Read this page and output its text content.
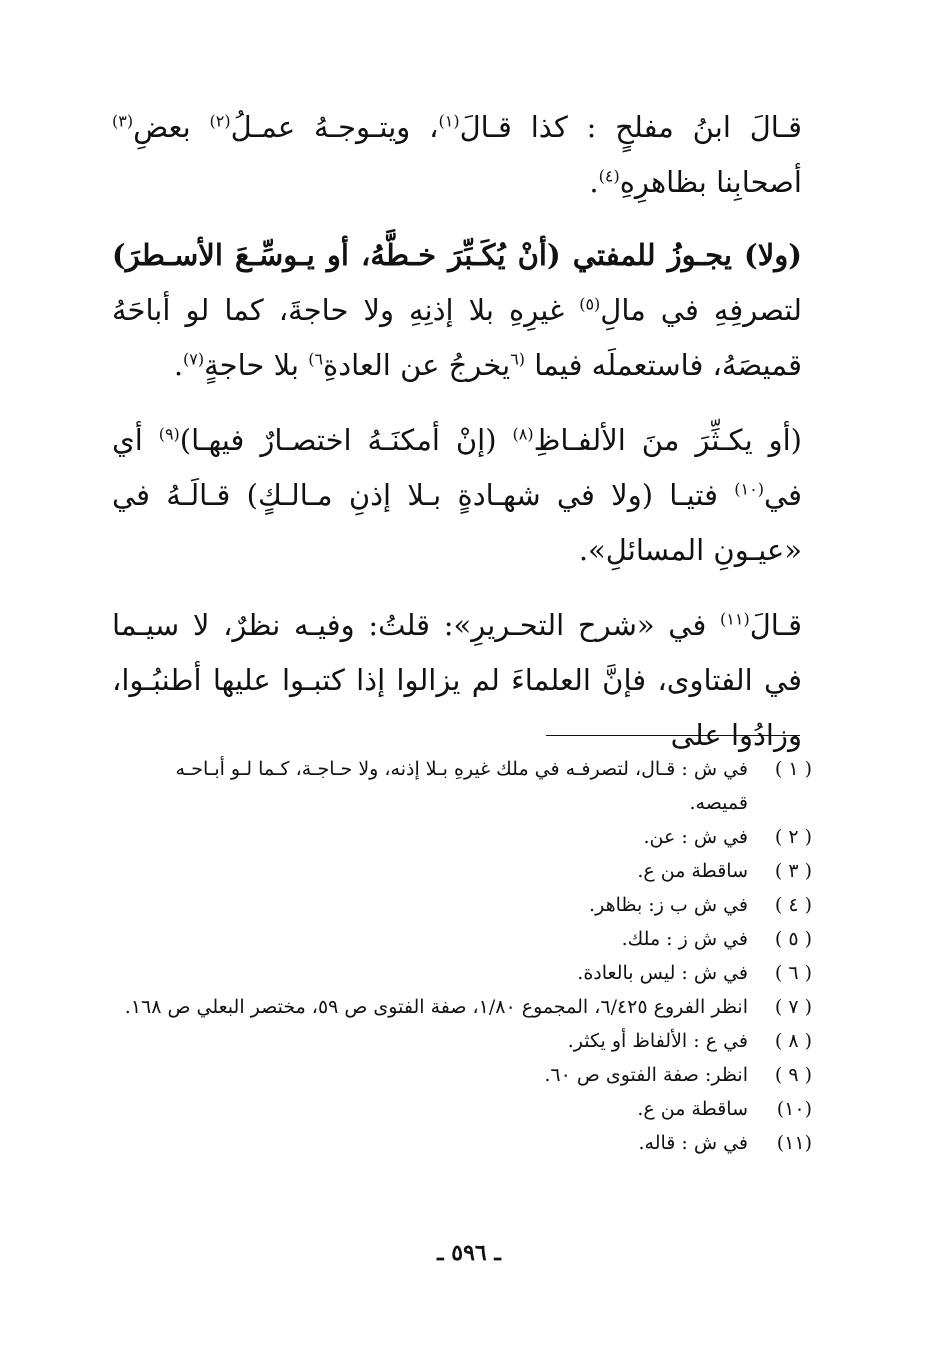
قـالَ ابنُ مفلحٍ : كذا قـالَ$^{(١)}$، ويتـوجـهُ عمـلُ$^{(٢)}$ بعضِ$^{(٣)}$ أصحابِنا بظاهرِهِ$^{(٤)}$.

(ولا) يجـوزُ للمفتي (أنْ يُكَـبِّرَ خـطَّهُ، أو يـوسِّـعَ الأسـطرَ) لتصرفِهِ في مالِ$^{(٥)}$ غيرِهِ بلا إذنِهِ ولا حاجةَ، كما لو أباحَهُ قميصَهُ، فاستعملَه فيما $^{(٦}$يخرجُ عن العادةِ$^{٦)}$ بلا حاجةٍ$^{(٧)}$.

(أو يكـثِّرَ منَ الألفـاظِ$^{(٨)}$ (إنْ أمكنَـهُ اختصـارٌ فيهـا)$^{(٩)}$ أي في$^{(١٠)}$ فتيـا (ولا في شهـادةٍ بـلا إذنِ مـالـكٍ) قـالَـهُ في «عيـونِ المسائلِ».

قـالَ$^{(١١)}$ في «شرح التحـريرِ»: قلتُ: وفيـه نظرٌ، لا سيـما في الفتاوى، فإنَّ العلماءَ لم يزالوا إذا كتبـوا عليها أطنبُـوا، وزادُوا على

( ١ )
في ش : قـال، لتصرفـه في ملك غيرهِ بـلا إذنه، ولا حـاجـة، كـما لـو أبـاحـه قميصه.
( ٢ )
في ش : عن.
( ٣ )
ساقطة من ع.
( ٤ )
في ش ب ز: بظاهر.
( ٥ )
في ش ز : ملك.
( ٦ )
في ش : ليس بالعادة.
( ٧ )
انظر الفروع ٦/٤٢٥، المجموع ١/٨٠، صفة الفتوى ص ٥٩، مختصر البعلي ص ١٦٨.
( ٨ )
في ع : الألفاظ أو يكثر.
( ٩ )
انظر: صفة الفتوى ص ٦٠.
(١٠)
ساقطة من ع.
(١١)
في ش : قاله.
ـ ٥٩٦ ـ
